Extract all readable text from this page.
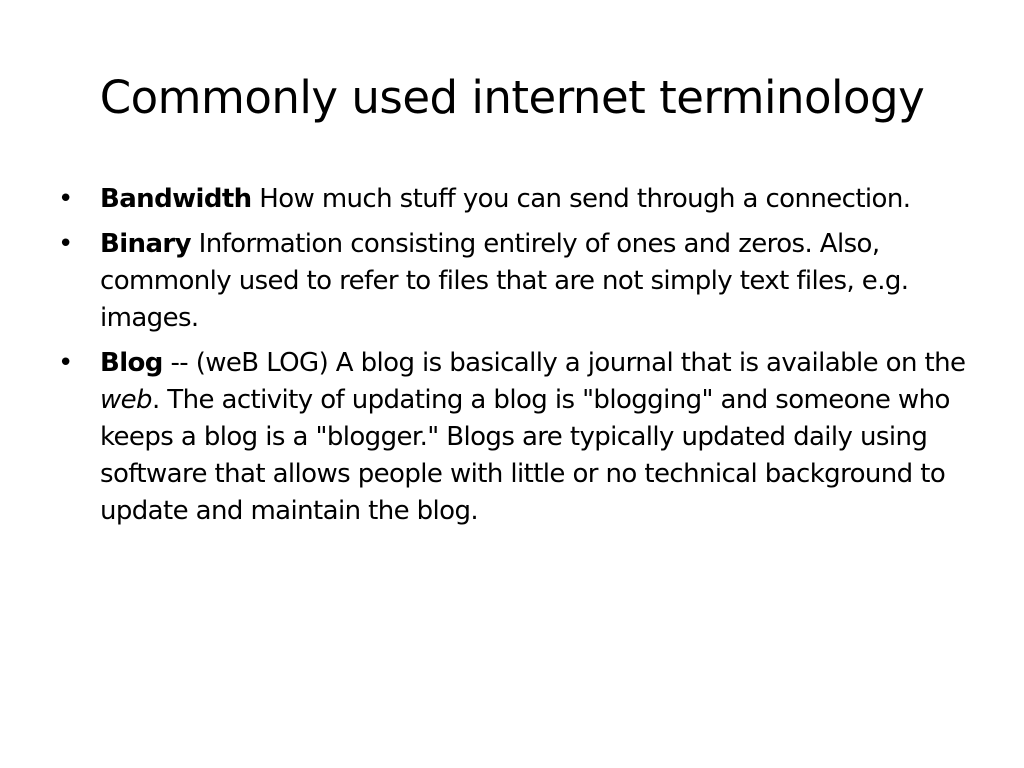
Commonly used internet terminology
• Bandwidth How much stuff you can send through a connection.
• Binary Information consisting entirely of ones and zeros. Also, commonly used to refer to files that are not simply text files, e.g. images.
• Blog -- (weB LOG) A blog is basically a journal that is available on the web. The activity of updating a blog is "blogging" and someone who keeps a blog is a "blogger." Blogs are typically updated daily using software that allows people with little or no technical background to update and maintain the blog.
